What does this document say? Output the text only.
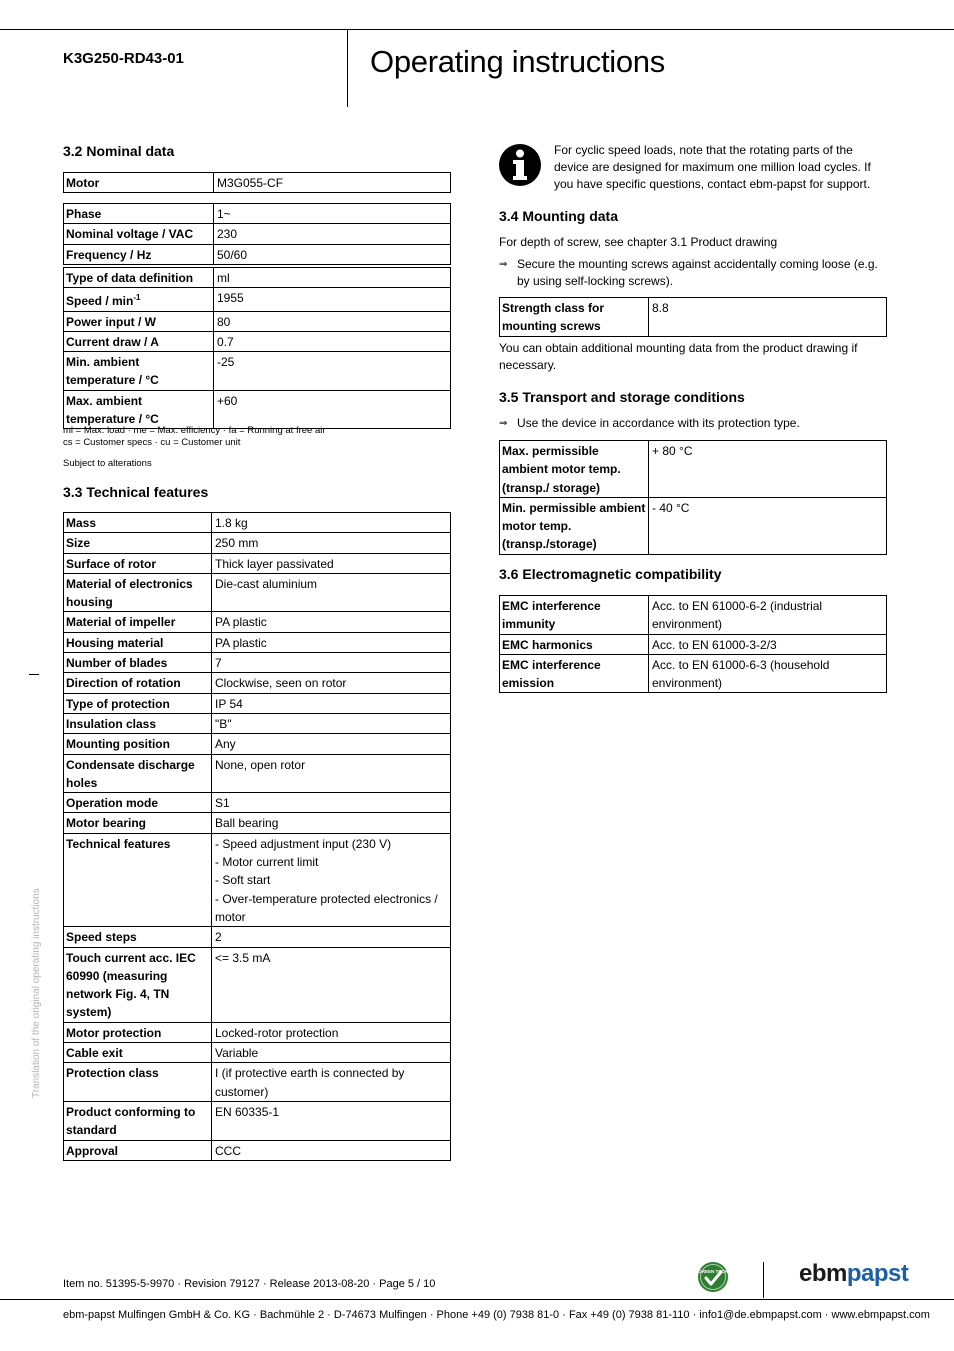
K3G250-RD43-01	Operating instructions
3.2 Nominal data
Motor	M3G055-CF
Phase	1~
Nominal voltage / VAC	230
Frequency / Hz	50/60
Type of data definition	ml
Speed / $\min^{-1}$	1955
Power input / W	80
Current draw / A	0.7
Min. ambient temperature / °C	-25
Max. ambient temperature / °C	+60
ml = Max. load · me = Max. efficiency · fa = Running at free air
cs = Customer specs · cu = Customer unit
Subject to alterations
3.3 Technical features
Mass	1.8 kg
Size	250 mm
Surface of rotor	Thick layer passivated
Material of electronics housing	Die-cast aluminium
Material of impeller	PA plastic
Housing material	PA plastic
Number of blades	7
Direction of rotation	Clockwise, seen on rotor
Type of protection	IP 54
Insulation class	"B"
Mounting position	Any
Condensate discharge holes	None, open rotor
Operation mode	S1
Motor bearing	Ball bearing
Technical features	- Speed adjustment input (230 V)
- Motor current limit
- Soft start
- Over-temperature protected electronics / motor
Speed steps	2
Touch current acc. IEC 60990 (measuring network Fig. 4, TN system)	<= 3.5 mA
Motor protection	Locked-rotor protection
Cable exit	Variable
Protection class	I (if protective earth is connected by customer)
Product conforming to standard	EN 60335-1
Approval	CCC
For cyclic speed loads, note that the rotating parts of the device are designed for maximum one million load cycles. If you have specific questions, contact ebm-papst for support.
3.4 Mounting data
For depth of screw, see chapter 3.1 Product drawing
⇒ Secure the mounting screws against accidentally coming loose (e.g. by using self-locking screws).
Strength class for mounting screws	8.8
You can obtain additional mounting data from the product drawing if necessary.
3.5 Transport and storage conditions
⇒ Use the device in accordance with its protection type.
Max. permissible ambient motor temp. (transp./ storage)	+ 80 °C
Min. permissible ambient motor temp. (transp./storage)	- 40 °C
3.6 Electromagnetic compatibility
EMC interference immunity	Acc. to EN 61000-6-2 (industrial environment)
EMC harmonics	Acc. to EN 61000-3-2/3
EMC interference emission	Acc. to EN 61000-6-3 (household environment)
Translation of the original operating instructions
Item no. 51395-5-9970 · Revision 79127 · Release 2013-08-20 · Page 5 / 10
GREEN TECH	ebmpapst
ebm-papst Mulfingen GmbH & Co. KG · Bachmühle 2 · D-74673 Mulfingen · Phone +49 (0) 7938 81-0 · Fax +49 (0) 7938 81-110 · info1@de.ebmpapst.com · www.ebmpapst.com
